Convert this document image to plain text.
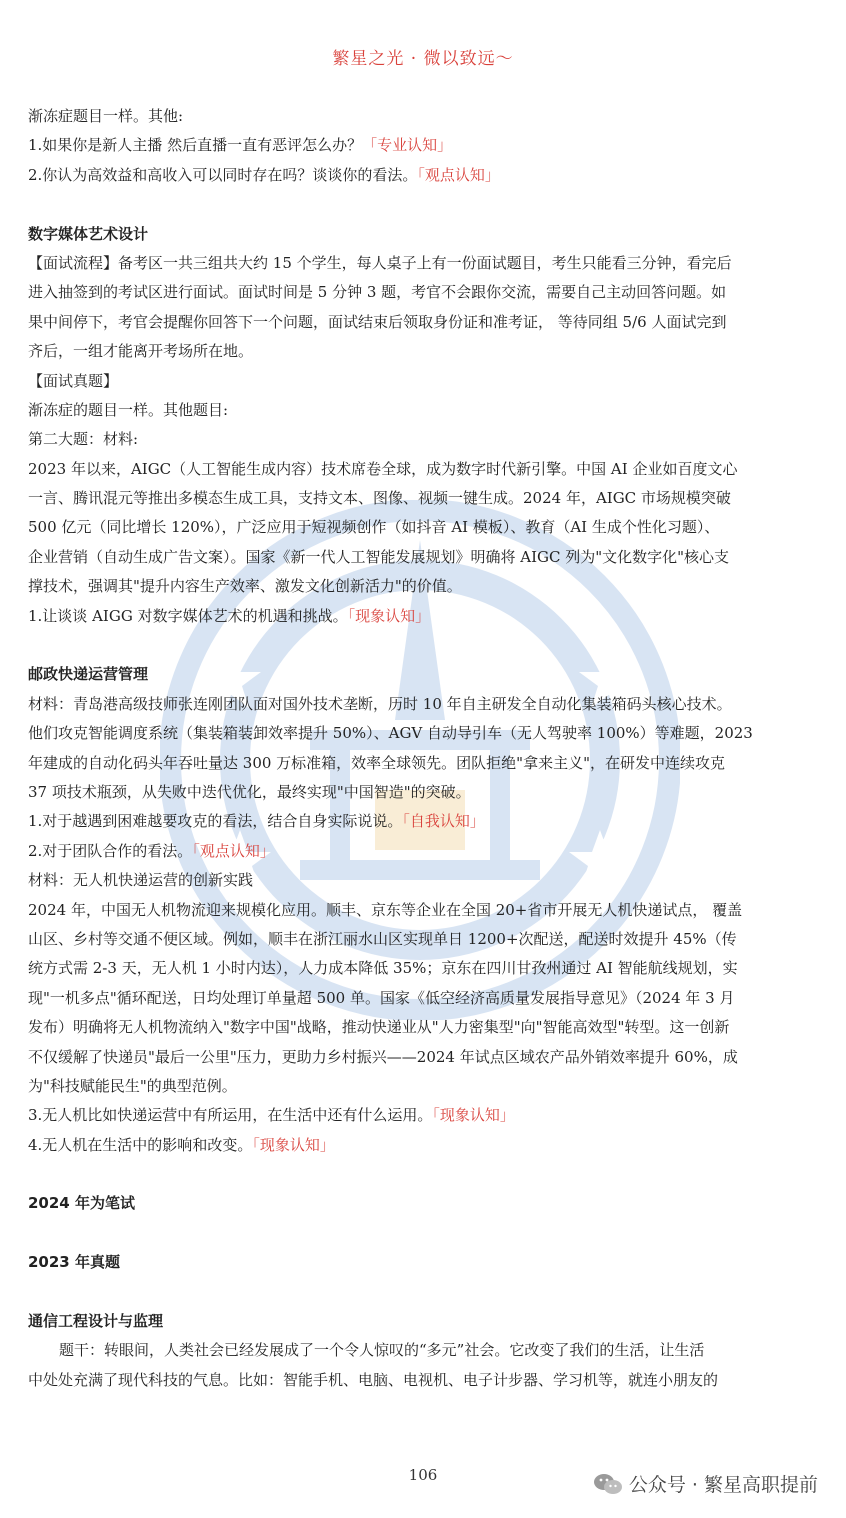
繁星之光 · 微以致远～
渐冻症题目一样。其他:
1.如果你是新人主播 然后直播一直有恶评怎么办？「专业认知」
2.你认为高效益和高收入可以同时存在吗？谈谈你的看法。「观点认知」
数字媒体艺术设计
【面试流程】备考区一共三组共大约 15 个学生，每人桌子上有一份面试题目，考生只能看三分钟，看完后
进入抽签到的考试区进行面试。面试时间是 5 分钟 3 题，考官不会跟你交流，需要自己主动回答问题。如
果中间停下，考官会提醒你回答下一个问题，面试结束后领取身份证和准考证， 等待同组 5/6 人面试完到
齐后，一组才能离开考场所在地。
【面试真题】
渐冻症的题目一样。其他题目:
第二大题：材料:
2023 年以来，AIGC（人工智能生成内容）技术席卷全球，成为数字时代新引擎。中国 AI 企业如百度文心
一言、腾讯混元等推出多模态生成工具，支持文本、图像、视频一键生成。2024 年，AIGC 市场规模突破
500 亿元（同比增长 120%），广泛应用于短视频创作（如抖音 AI 模板）、教育（AI 生成个性化习题）、
企业营销（自动生成广告文案）。国家《新一代人工智能发展规划》明确将 AIGC 列为"文化数字化"核心支
撑技术，强调其"提升内容生产效率、激发文化创新活力"的价值。
1.让谈谈 AIGG 对数字媒体艺术的机遇和挑战。「现象认知」
邮政快递运营管理
材料：青岛港高级技师张连刚团队面对国外技术垄断，历时 10 年自主研发全自动化集装箱码头核心技术。
他们攻克智能调度系统（集装箱装卸效率提升 50%）、AGV 自动导引车（无人驾驶率 100%）等难题，2023
年建成的自动化码头年吞吐量达 300 万标准箱，效率全球领先。团队拒绝"拿来主义"，在研发中连续攻克
37 项技术瓶颈，从失败中迭代优化，最终实现"中国智造"的突破。
1.对于越遇到困难越要攻克的看法，结合自身实际说说。「自我认知」
2.对于团队合作的看法。「观点认知」
材料：无人机快递运营的创新实践
2024 年，中国无人机物流迎来规模化应用。顺丰、京东等企业在全国 20+省市开展无人机快递试点， 覆盖
山区、乡村等交通不便区域。例如，顺丰在浙江丽水山区实现单日 1200+次配送，配送时效提升 45%（传
统方式需 2-3 天，无人机 1 小时内达），人力成本降低 35%；京东在四川甘孜州通过 AI 智能航线规划，实
现"一机多点"循环配送，日均处理订单量超 500 单。国家《低空经济高质量发展指导意见》（2024 年 3 月
发布）明确将无人机物流纳入"数字中国"战略，推动快递业从"人力密集型"向"智能高效型"转型。这一创新
不仅缓解了快递员"最后一公里"压力，更助力乡村振兴——2024 年试点区域农产品外销效率提升 60%，成
为"科技赋能民生"的典型范例。
3.无人机比如快递运营中有所运用，在生活中还有什么运用。「现象认知」
4.无人机在生活中的影响和改变。「现象认知」
2024 年为笔试
2023 年真题
通信工程设计与监理
题干：转眼间，人类社会已经发展成了一个令人惊叹的“多元”社会。它改变了我们的生活，让生活
中处处充满了现代科技的气息。比如：智能手机、电脑、电视机、电子计步器、学习机等，就连小朋友的
106	公众号 · 繁星高职提前
